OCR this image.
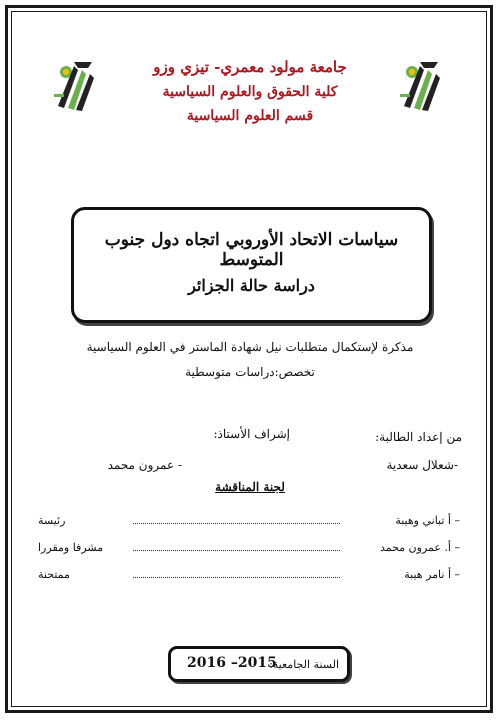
جامعة مولود معمري- تيزي وزو
كلية الحقوق والعلوم السياسية
قسم العلوم السياسية
سياسات الاتحاد الأوروبي اتجاه دول جنوب المتوسط
دراسة حالة الجزائر
مذكرة لإستكمال متطلبات نيل شهادة الماستر في العلوم السياسية
تخصص:دراسات متوسطية
من إعداد الطالبة:
-شعلال سعدية
إشراف الأستاذ:
- عمرون محمد
لجنة المناقشة
– أ تباني وهيبة
رئيسة
– أ. عمرون محمد
مشرفا ومقررا
– أ نامر هيبة
ممتحنة
السنة الجامعية:
2015– 2016
